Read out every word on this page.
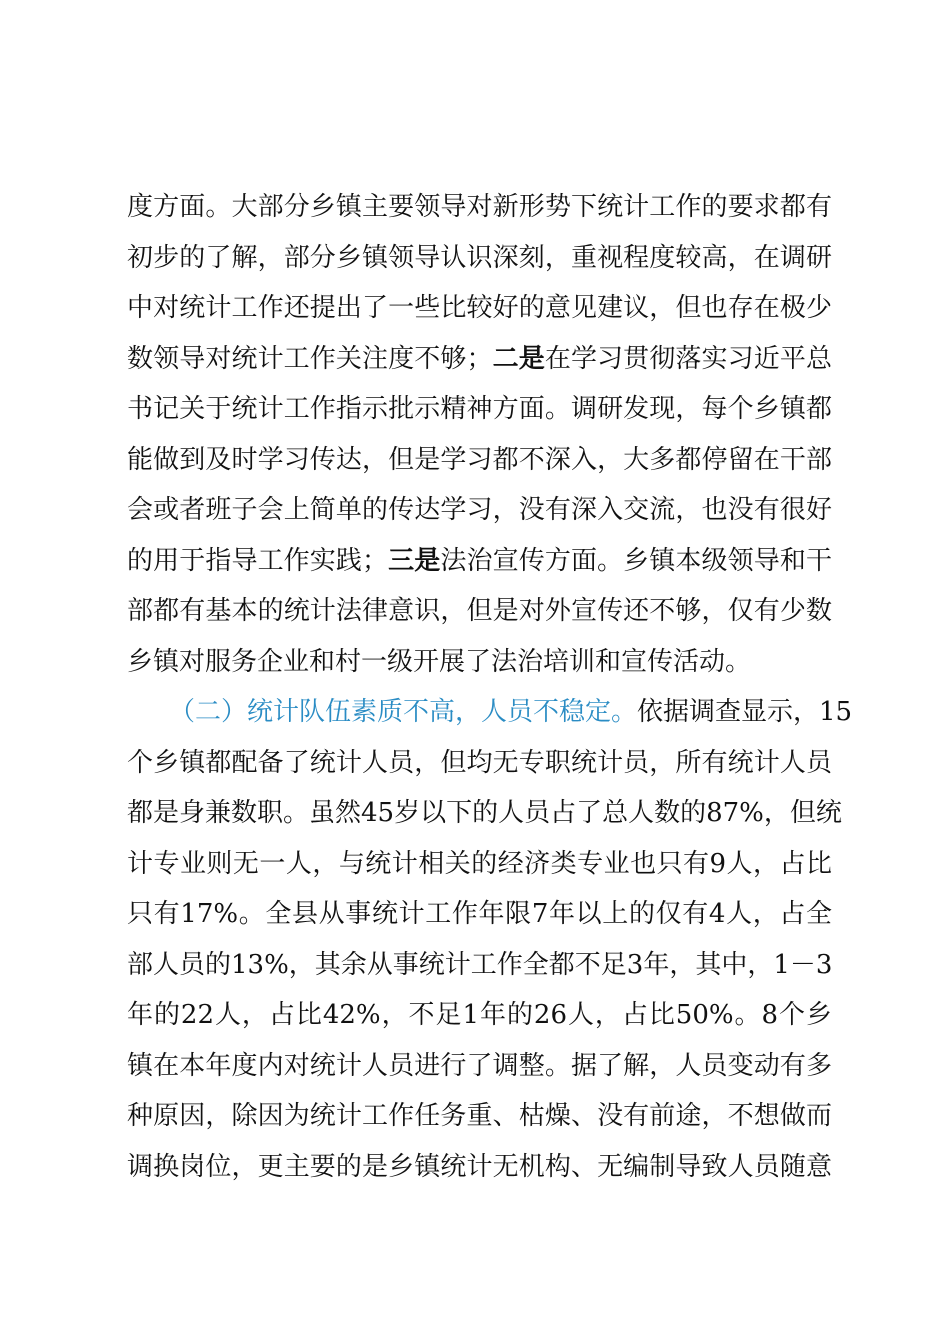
度方面。大部分乡镇主要领导对新形势下统计工作的要求都有
初步的了解，部分乡镇领导认识深刻，重视程度较高，在调研
中对统计工作还提出了一些比较好的意见建议，但也存在极少
数领导对统计工作关注度不够；二是在学习贯彻落实习近平总
书记关于统计工作指示批示精神方面。调研发现，每个乡镇都
能做到及时学习传达，但是学习都不深入，大多都停留在干部
会或者班子会上简单的传达学习，没有深入交流，也没有很好
的用于指导工作实践；三是法治宣传方面。乡镇本级领导和干
部都有基本的统计法律意识，但是对外宣传还不够，仅有少数
乡镇对服务企业和村一级开展了法治培训和宣传活动。
（二）统计队伍素质不高，人员不稳定。依据调查显示，15
个乡镇都配备了统计人员，但均无专职统计员，所有统计人员
都是身兼数职。虽然45岁以下的人员占了总人数的87%，但统
计专业则无一人，与统计相关的经济类专业也只有9人，占比
只有17%。全县从事统计工作年限7年以上的仅有4人，占全
部人员的13%，其余从事统计工作全都不足3年，其中，1－3
年的22人，占比42%，不足1年的26人，占比50%。8个乡
镇在本年度内对统计人员进行了调整。据了解，人员变动有多
种原因，除因为统计工作任务重、枯燥、没有前途，不想做而
调换岗位，更主要的是乡镇统计无机构、无编制导致人员随意
